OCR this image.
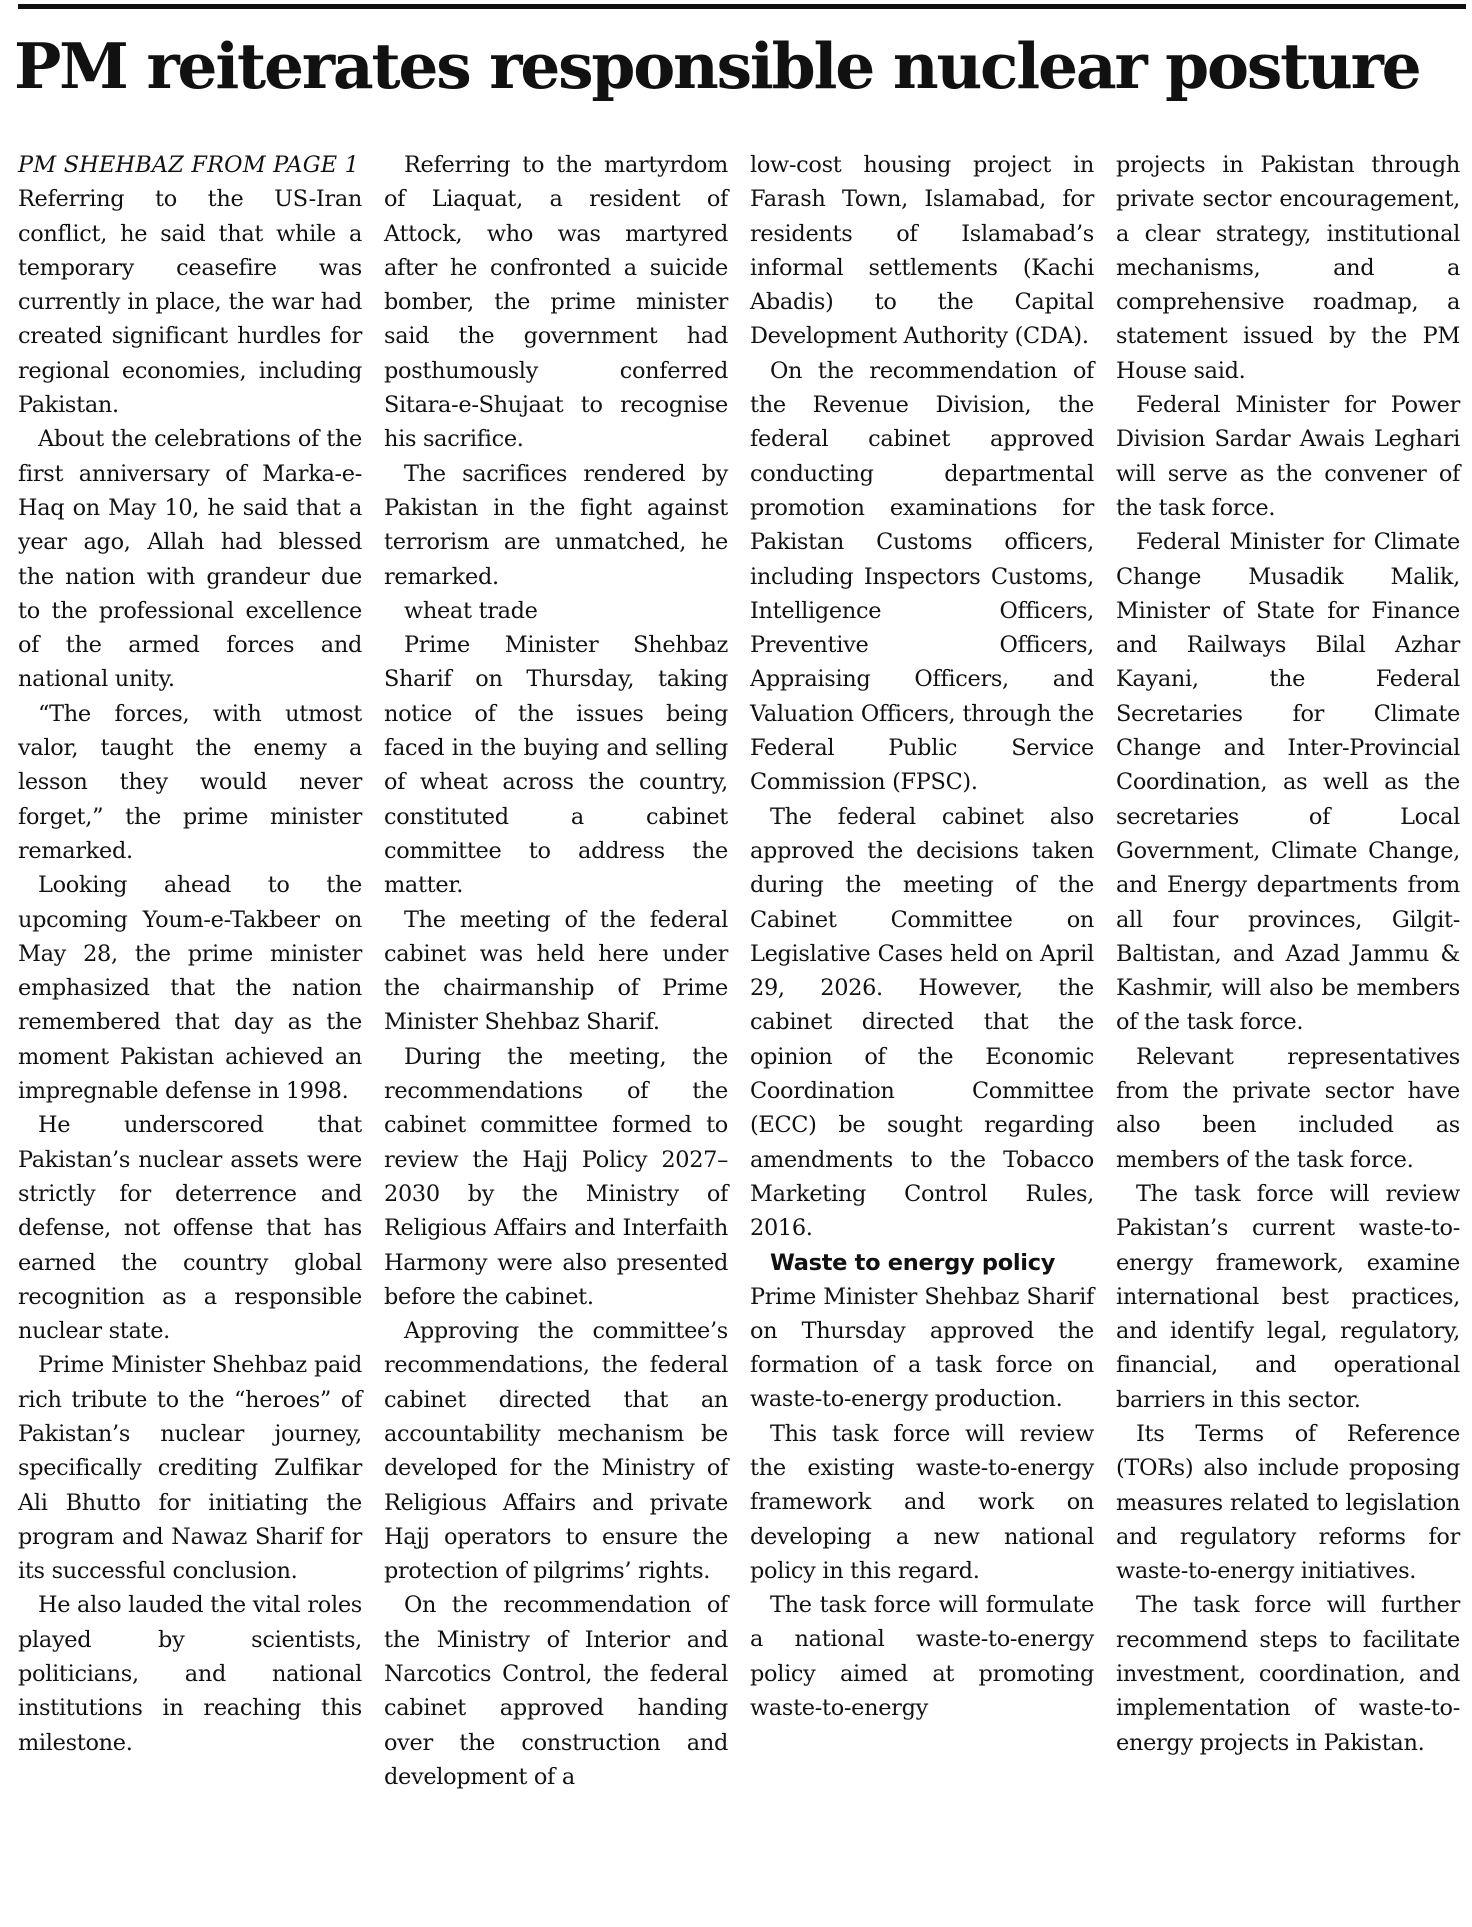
PM reiterates responsible nuclear posture

PM SHEHBAZ FROM PAGE 1

Referring to the US-Iran conflict, he said that while a temporary ceasefire was currently in place, the war had created significant hurdles for regional economies, including Pakistan.

About the celebrations of the first anniversary of Marka-e-Haq on May 10, he said that a year ago, Allah had blessed the nation with grandeur due to the professional excellence of the armed forces and national unity.

“The forces, with utmost valor, taught the enemy a lesson they would never forget,” the prime minister remarked.

Looking ahead to the upcoming Youm-e-Takbeer on May 28, the prime minister emphasized that the nation remembered that day as the moment Pakistan achieved an impregnable defense in 1998.

He underscored that Pakistan’s nuclear assets were strictly for deterrence and defense, not offense that has earned the country global recognition as a responsible nuclear state.

Prime Minister Shehbaz paid rich tribute to the “heroes” of Pakistan’s nuclear journey, specifically crediting Zulfikar Ali Bhutto for initiating the program and Nawaz Sharif for its successful conclusion.

He also lauded the vital roles played by scientists, politicians, and national institutions in reaching this milestone.

Referring to the martyrdom of Liaquat, a resident of Attock, who was martyred after he confronted a suicide bomber, the prime minister said the government had posthumously conferred Sitara-e-Shujaat to recognise his sacrifice.

The sacrifices rendered by Pakistan in the fight against terrorism are unmatched, he remarked.

wheat trade

Prime Minister Shehbaz Sharif on Thursday, taking notice of the issues being faced in the buying and selling of wheat across the country, constituted a cabinet committee to address the matter.

The meeting of the federal cabinet was held here under the chairmanship of Prime Minister Shehbaz Sharif.

During the meeting, the recommendations of the cabinet committee formed to review the Hajj Policy 2027–2030 by the Ministry of Religious Affairs and Interfaith Harmony were also presented before the cabinet.

Approving the committee’s recommendations, the federal cabinet directed that an accountability mechanism be developed for the Ministry of Religious Affairs and private Hajj operators to ensure the protection of pilgrims’ rights.

On the recommendation of the Ministry of Interior and Narcotics Control, the federal cabinet approved handing over the construction and development of a

low-cost housing project in Farash Town, Islamabad, for residents of Islamabad’s informal settlements (Kachi Abadis) to the Capital Development Authority (CDA).

On the recommendation of the Revenue Division, the federal cabinet approved conducting departmental promotion examinations for Pakistan Customs officers, including Inspectors Customs, Intelligence Officers, Preventive Officers, Appraising Officers, and Valuation Officers, through the Federal Public Service Commission (FPSC).

The federal cabinet also approved the decisions taken during the meeting of the Cabinet Committee on Legislative Cases held on April 29, 2026. However, the cabinet directed that the opinion of the Economic Coordination Committee (ECC) be sought regarding amendments to the Tobacco Marketing Control Rules, 2016.

Waste to energy policy

Prime Minister Shehbaz Sharif on Thursday approved the formation of a task force on waste-to-energy production.

This task force will review the existing waste-to-energy framework and work on developing a new national policy in this regard.

The task force will formulate a national waste-to-energy policy aimed at promoting waste-to-energy

projects in Pakistan through private sector encouragement, a clear strategy, institutional mechanisms, and a comprehensive roadmap, a statement issued by the PM House said.

Federal Minister for Power Division Sardar Awais Leghari will serve as the convener of the task force.

Federal Minister for Climate Change Musadik Malik, Minister of State for Finance and Railways Bilal Azhar Kayani, the Federal Secretaries for Climate Change and Inter-Provincial Coordination, as well as the secretaries of Local Government, Climate Change, and Energy departments from all four provinces, Gilgit-Baltistan, and Azad Jammu & Kashmir, will also be members of the task force.

Relevant representatives from the private sector have also been included as members of the task force.

The task force will review Pakistan’s current waste-to-energy framework, examine international best practices, and identify legal, regulatory, financial, and operational barriers in this sector.

Its Terms of Reference (TORs) also include proposing measures related to legislation and regulatory reforms for waste-to-energy initiatives.

The task force will further recommend steps to facilitate investment, coordination, and implementation of waste-to-energy projects in Pakistan.
